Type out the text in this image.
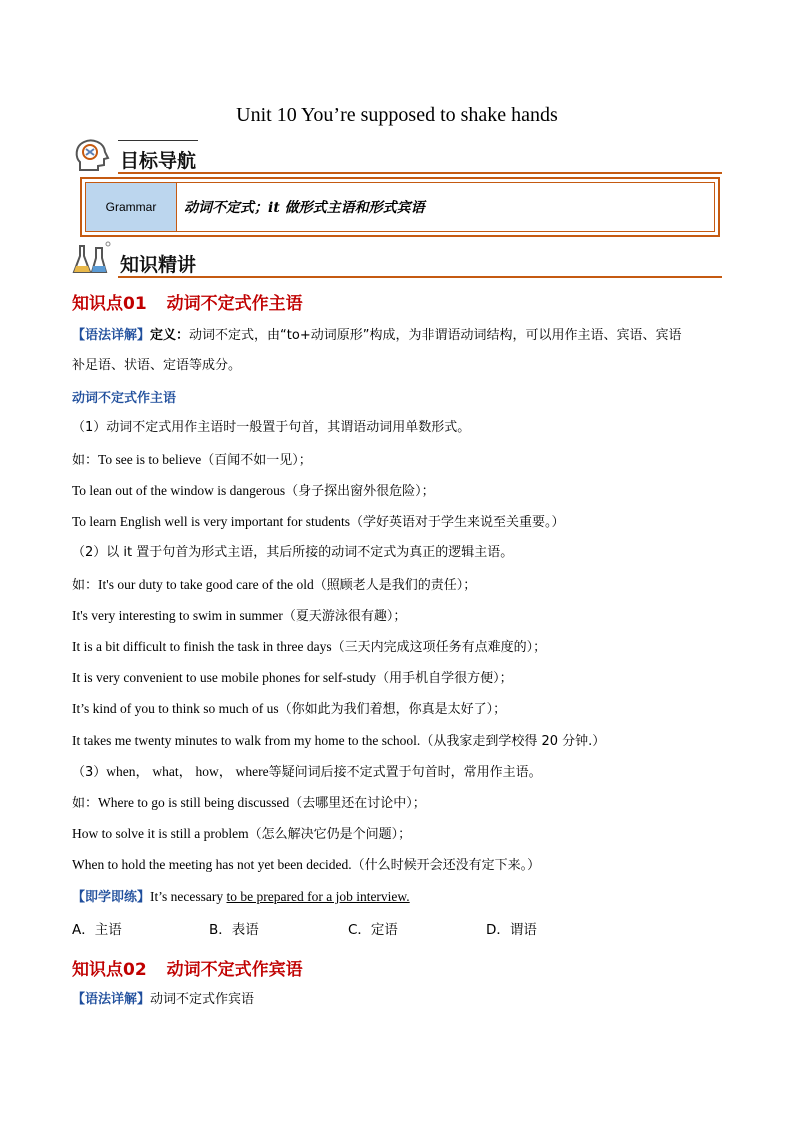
Unit 10 You’re supposed to shake hands
目标导航
Grammar	动词不定式；it 做形式主语和形式宾语
知识精讲
知识点01 动词不定式作主语
【语法详解】定义：动词不定式，由“to+动词原形”构成，为非谓语动词结构，可以用作主语、宾语、宾语
补足语、状语、定语等成分。
动词不定式作主语
（1）动词不定式用作主语时一般置于句首，其谓语动词用单数形式。
如：To see is to believe（百闻不如一见）；
To lean out of the window is dangerous（身子探出窗外很危险）；
To learn English well is very important for students（学好英语对于学生来说至关重要。）
（2）以 it 置于句首为形式主语，其后所接的动词不定式为真正的逻辑主语。
如：It's our duty to take good care of the old（照顾老人是我们的责任）；
It's very interesting to swim in summer（夏天游泳很有趣）；
It is a bit difficult to finish the task in three days（三天内完成这项任务有点难度的）；
It is very convenient to use mobile phones for self-study（用手机自学很方便）；
It’s kind of you to think so much of us（你如此为我们着想，你真是太好了）；
It takes me twenty minutes to walk from my home to the school.（从我家走到学校得 20 分钟.）
（3）when， what， how， where等疑问词后接不定式置于句首时，常用作主语。
如：Where to go is still being discussed（去哪里还在讨论中）；
How to solve it is still a problem（怎么解决它仍是个问题）；
When to hold the meeting has not yet been decided.（什么时候开会还没有定下来。）
【即学即练】It’s necessary to be prepared for a job interview.
A．主语	B．表语	C．定语	D．谓语
知识点02 动词不定式作宾语
【语法详解】动词不定式作宾语
